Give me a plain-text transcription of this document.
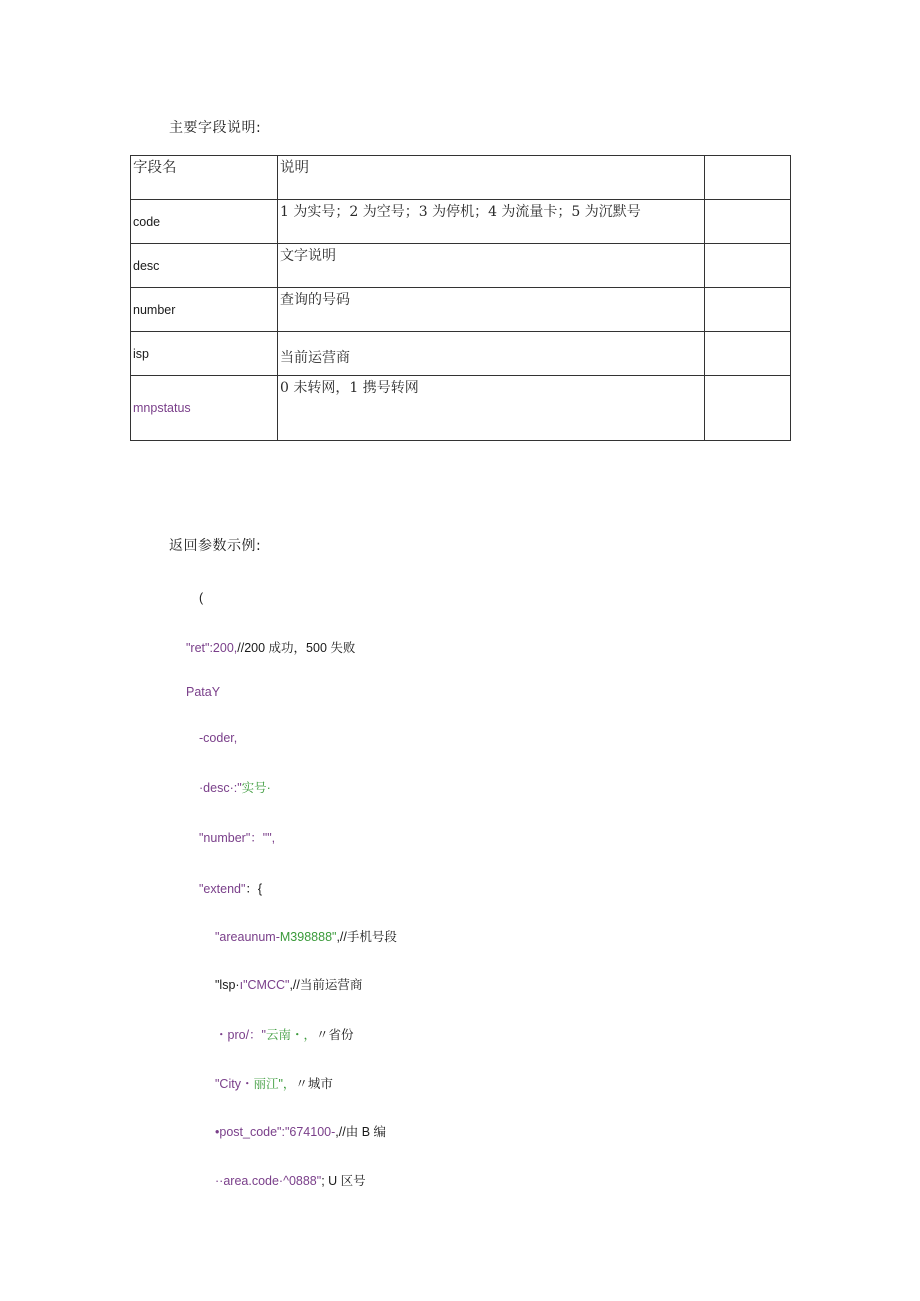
主要字段说明:
字段名	说明	
code	1 为实号；2 为空号；3 为停机；4 为流量卡；5 为沉默号	
desc	文字说明	
number	查询的号码	
isp	当前运营商	
mnpstatus	0 未转网，1 携号转网	
返回参数示例:
(
"ret":200,//200 成功，500 失败
PataY
-coder,
·desc·:"实号·
"number"："",
"extend"：{
"areaunum-M398888",//手机号段
"lsp·ı"CMCC",//当前运营商
・pro/："云南・，〃省份
"City・丽江"，〃城市
•post_code":"674100-,//由 B 编
··area.code·^0888"; U 区号
